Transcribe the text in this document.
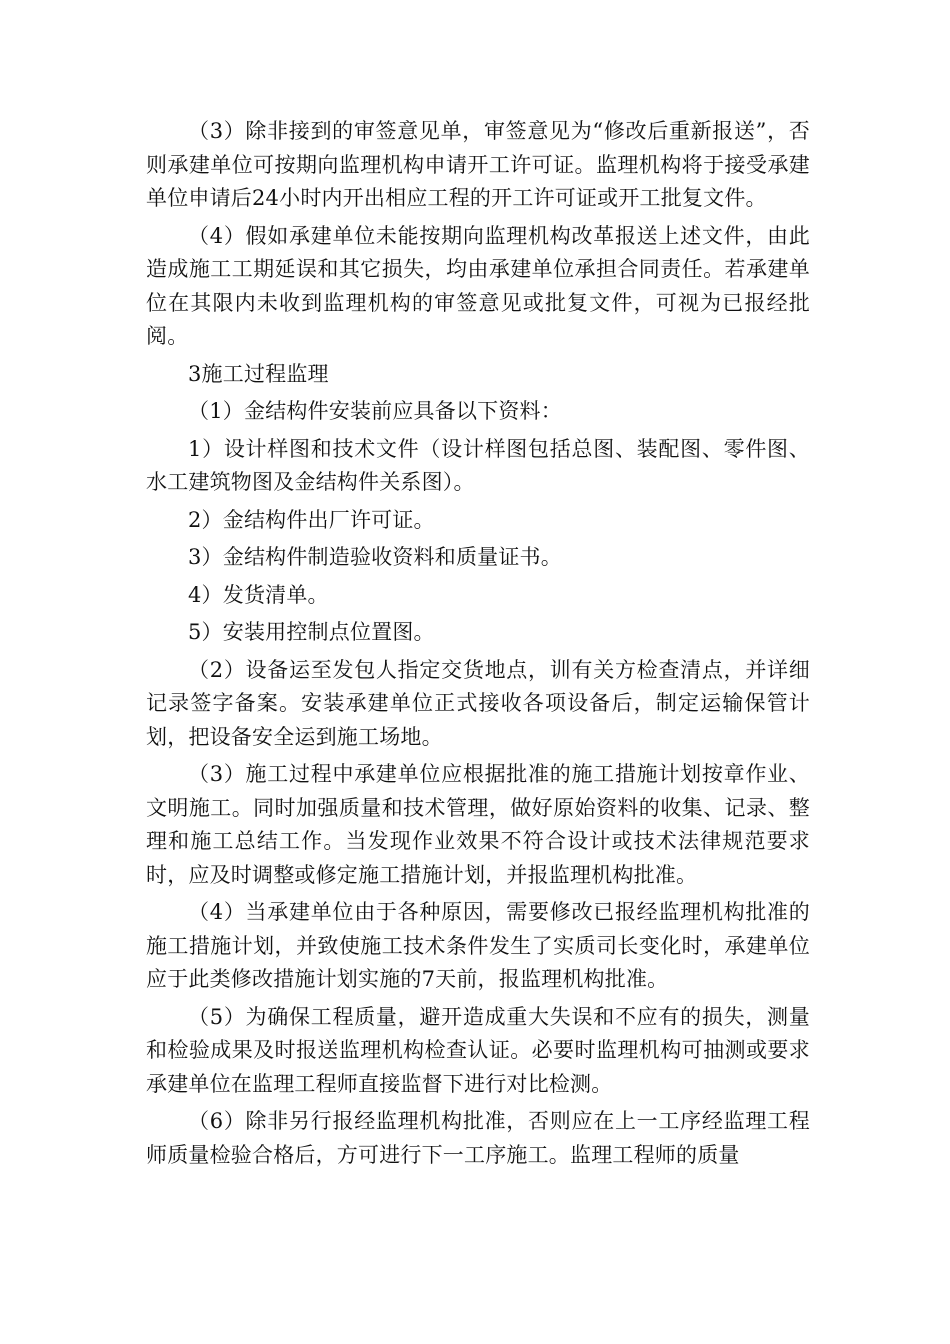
（3）除非接到的审签意见单，审签意见为“修改后重新报送”，否则承建单位可按期向监理机构申请开工许可证。监理机构将于接受承建单位申请后24小时内开出相应工程的开工许可证或开工批复文件。

（4）假如承建单位未能按期向监理机构改革报送上述文件，由此造成施工工期延误和其它损失，均由承建单位承担合同责任。若承建单位在其限内未收到监理机构的审签意见或批复文件，可视为已报经批阅。

3施工过程监理

（1）金结构件安装前应具备以下资料：

1）设计样图和技术文件（设计样图包括总图、装配图、零件图、水工建筑物图及金结构件关系图）。

2）金结构件出厂许可证。

3）金结构件制造验收资料和质量证书。

4）发货清单。

5）安装用控制点位置图。

（2）设备运至发包人指定交货地点，训有关方检查清点，并详细记录签字备案。安装承建单位正式接收各项设备后，制定运输保管计划，把设备安全运到施工场地。

（3）施工过程中承建单位应根据批准的施工措施计划按章作业、文明施工。同时加强质量和技术管理，做好原始资料的收集、记录、整理和施工总结工作。当发现作业效果不符合设计或技术法律规范要求时，应及时调整或修定施工措施计划，并报监理机构批准。

（4）当承建单位由于各种原因，需要修改已报经监理机构批准的施工措施计划，并致使施工技术条件发生了实质司长变化时，承建单位应于此类修改措施计划实施的7天前，报监理机构批准。

（5）为确保工程质量，避开造成重大失误和不应有的损失，测量和检验成果及时报送监理机构检查认证。必要时监理机构可抽测或要求承建单位在监理工程师直接监督下进行对比检测。

（6）除非另行报经监理机构批准，否则应在上一工序经监理工程师质量检验合格后，方可进行下一工序施工。监理工程师的质量
